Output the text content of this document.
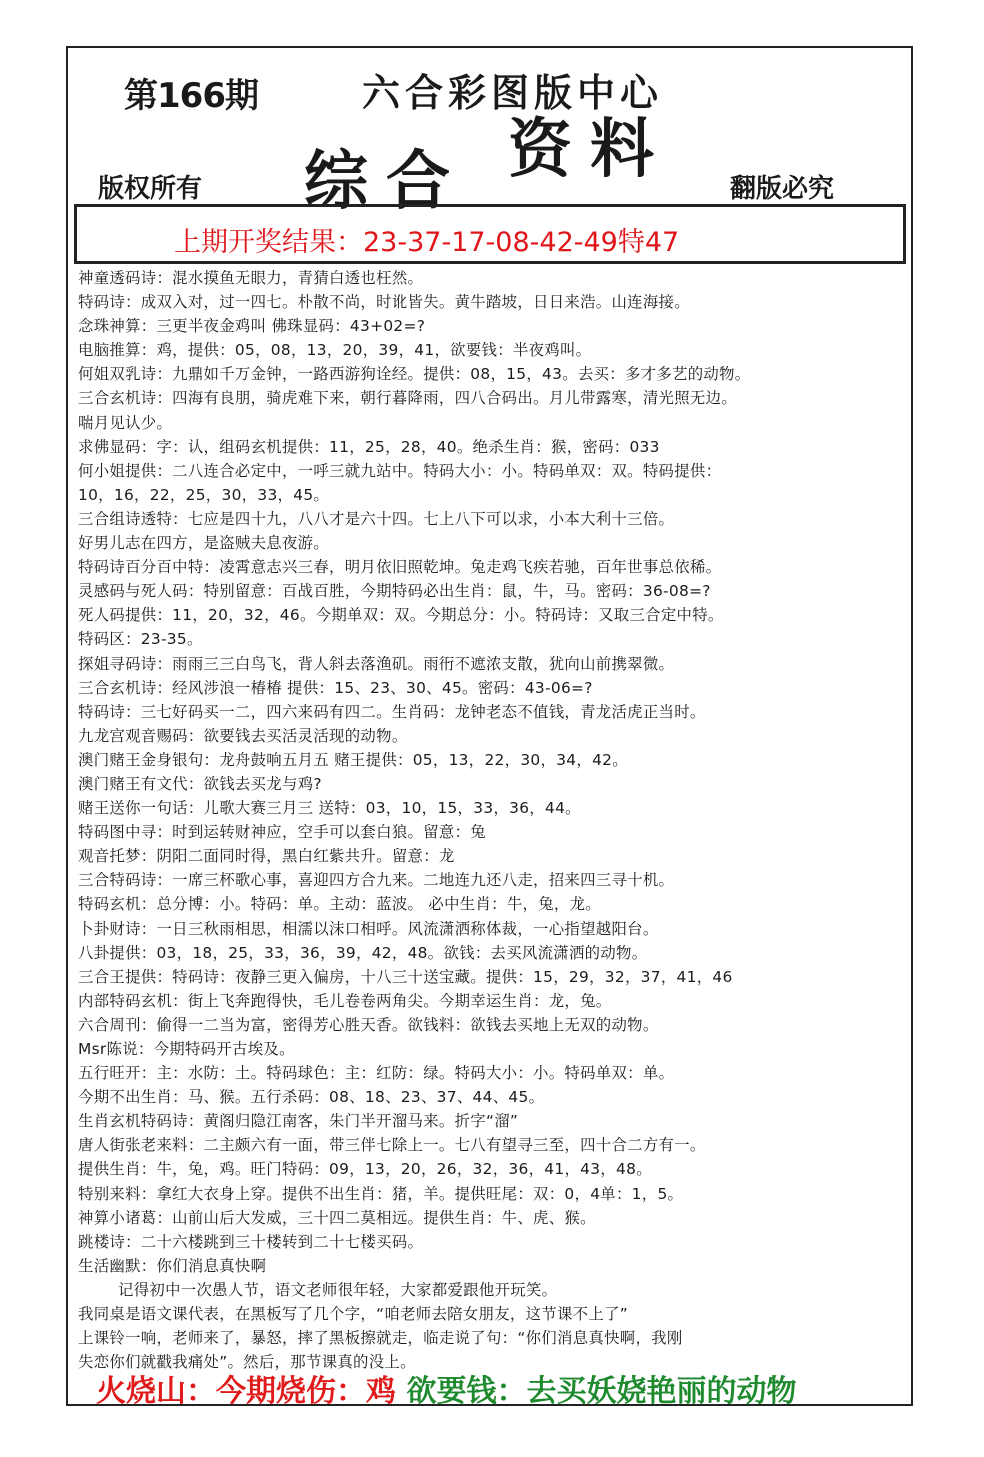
第166期	六合彩图版中心
综合 资料
版权所有	翻版必究
上期开奖结果：23-37-17-08-42-49特47
神童透码诗：混水摸鱼无眼力，青猜白透也枉然。
特码诗：成双入对，过一四七。朴散不尚，时讹皆失。黄牛踏坡，日日来浩。山连海接。
念珠神算：三更半夜金鸡叫 佛珠显码：43+02=?
电脑推算：鸡，提供：05，08，13，20，39，41，欲要钱：半夜鸡叫。
何姐双乳诗：九鼎如千万金钟，一路西游狗诠经。提供：08，15，43。去买：多才多艺的动物。
三合玄机诗：四海有良朋，骑虎难下来，朝行暮降雨，四八合码出。月儿带露寒，清光照无边。
喘月见认少。
求佛显码：字：认，组码玄机提供：11，25，28，40。绝杀生肖：猴，密码：033
何小姐提供：二八连合必定中，一呼三就九站中。特码大小：小。特码单双：双。特码提供：
10，16，22，25，30，33，45。
三合组诗透特：七应是四十九，八八才是六十四。七上八下可以求，小本大利十三倍。
好男儿志在四方，是盗贼夫息夜游。
特码诗百分百中特：凌霄意志兴三春，明月依旧照乾坤。兔走鸡飞疾若驰，百年世事总依稀。
灵感码与死人码：特别留意：百战百胜，今期特码必出生肖：鼠，牛，马。密码：36-08=?
死人码提供：11，20，32，46。今期单双：双。今期总分：小。特码诗：又取三合定中特。
特码区：23-35。
探姐寻码诗：雨雨三三白鸟飞，背人斜去落渔矶。雨衎不遮浓支散，犹向山前携翠微。
三合玄机诗：经风涉浪一椿椿 提供：15、23、30、45。密码：43-06=?
特码诗：三七好码买一二，四六来码有四二。生肖码：龙钟老态不值钱，青龙活虎正当时。
九龙宫观音赐码：欲要钱去买活灵活现的动物。
澳门赌王金身银句：龙舟鼓响五月五 赌王提供：05，13，22，30，34，42。
澳门赌王有文代：欲钱去买龙与鸡?
赌王送你一句话：儿歌大赛三月三 送特：03，10，15，33，36，44。
特码图中寻：时到运转财神应，空手可以套白狼。留意：兔
观音托梦：阴阳二面同时得，黑白红紫共升。留意：龙
三合特码诗：一席三杯歌心事，喜迎四方合九来。二地连九还八走，招来四三寻十机。
特码玄机：总分博：小。特码：单。主动：蓝波。 必中生肖：牛，兔，龙。
卜卦财诗：一日三秋雨相思，相濡以沫口相呼。风流潇洒称体裁，一心指望越阳台。
八卦提供：03，18，25，33，36，39，42，48。欲钱：去买风流潇洒的动物。
三合王提供：特码诗：夜静三更入偏房，十八三十送宝藏。提供：15，29，32，37，41，46
内部特码玄机：街上飞奔跑得快，毛儿卷卷两角尖。今期幸运生肖：龙，兔。
六合周刊：偷得一二当为富，密得芳心胜天香。欲钱料：欲钱去买地上无双的动物。
Msr陈说：今期特码开古埃及。
五行旺开：主：水防：土。特码球色：主：红防：绿。特码大小：小。特码单双：单。
今期不出生肖：马、猴。五行杀码：08、18、23、37、44、45。
生肖玄机特码诗：黄阁归隐江南客，朱门半开溜马来。折字“溜”
唐人街张老来料：二主颇六有一面，带三伴七除上一。七八有望寻三至，四十合二方有一。
提供生肖：牛，兔，鸡。旺门特码：09，13，20，26，32，36，41，43，48。
特别来料：拿红大衣身上穿。提供不出生肖：猪，羊。提供旺尾：双：0，4单：1，5。
神算小诸葛：山前山后大发威，三十四二莫相远。提供生肖：牛、虎、猴。
跳楼诗：二十六楼跳到三十楼转到二十七楼买码。
生活幽默：你们消息真快啊
记得初中一次愚人节，语文老师很年轻，大家都爱跟他开玩笑。
我同桌是语文课代表，在黑板写了几个字，“咱老师去陪女朋友，这节课不上了”
上课铃一响，老师来了，暴怒，摔了黑板擦就走，临走说了句：“你们消息真快啊，我刚
失恋你们就戳我痛处”。然后，那节课真的没上。
火烧山：今期烧伤：鸡 欲要钱：去买妖娆艳丽的动物
